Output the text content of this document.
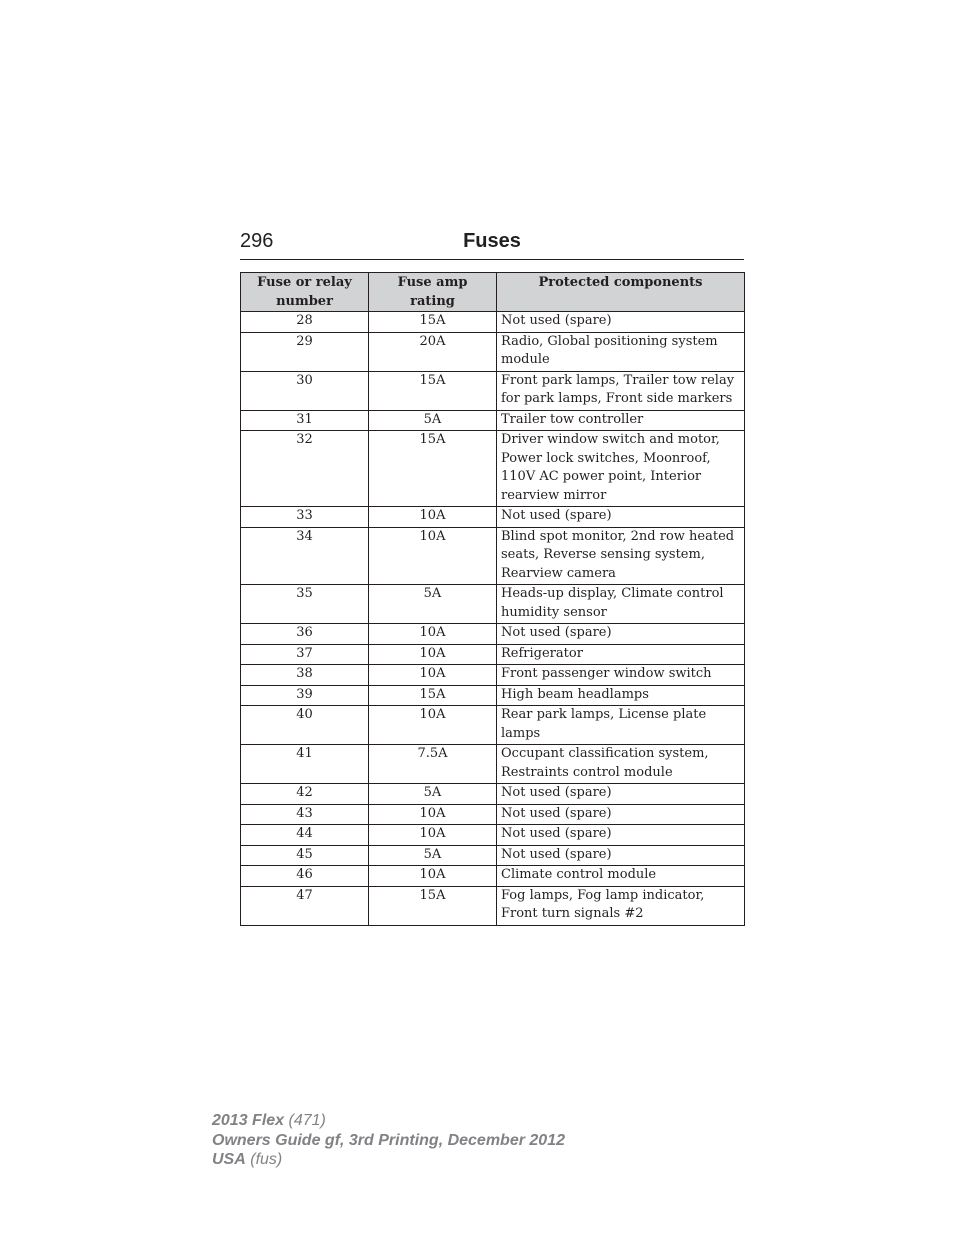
296	Fuses
Fuse or relay number	Fuse amp rating	Protected components
28	15A	Not used (spare)
29	20A	Radio, Global positioning system module
30	15A	Front park lamps, Trailer tow relay for park lamps, Front side markers
31	5A	Trailer tow controller
32	15A	Driver window switch and motor, Power lock switches, Moonroof, 110V AC power point, Interior rearview mirror
33	10A	Not used (spare)
34	10A	Blind spot monitor, 2nd row heated seats, Reverse sensing system, Rearview camera
35	5A	Heads-up display, Climate control humidity sensor
36	10A	Not used (spare)
37	10A	Refrigerator
38	10A	Front passenger window switch
39	15A	High beam headlamps
40	10A	Rear park lamps, License plate lamps
41	7.5A	Occupant classification system, Restraints control module
42	5A	Not used (spare)
43	10A	Not used (spare)
44	10A	Not used (spare)
45	5A	Not used (spare)
46	10A	Climate control module
47	15A	Fog lamps, Fog lamp indicator, Front turn signals #2
2013 Flex (471)
Owners Guide gf, 3rd Printing, December 2012
USA (fus)
